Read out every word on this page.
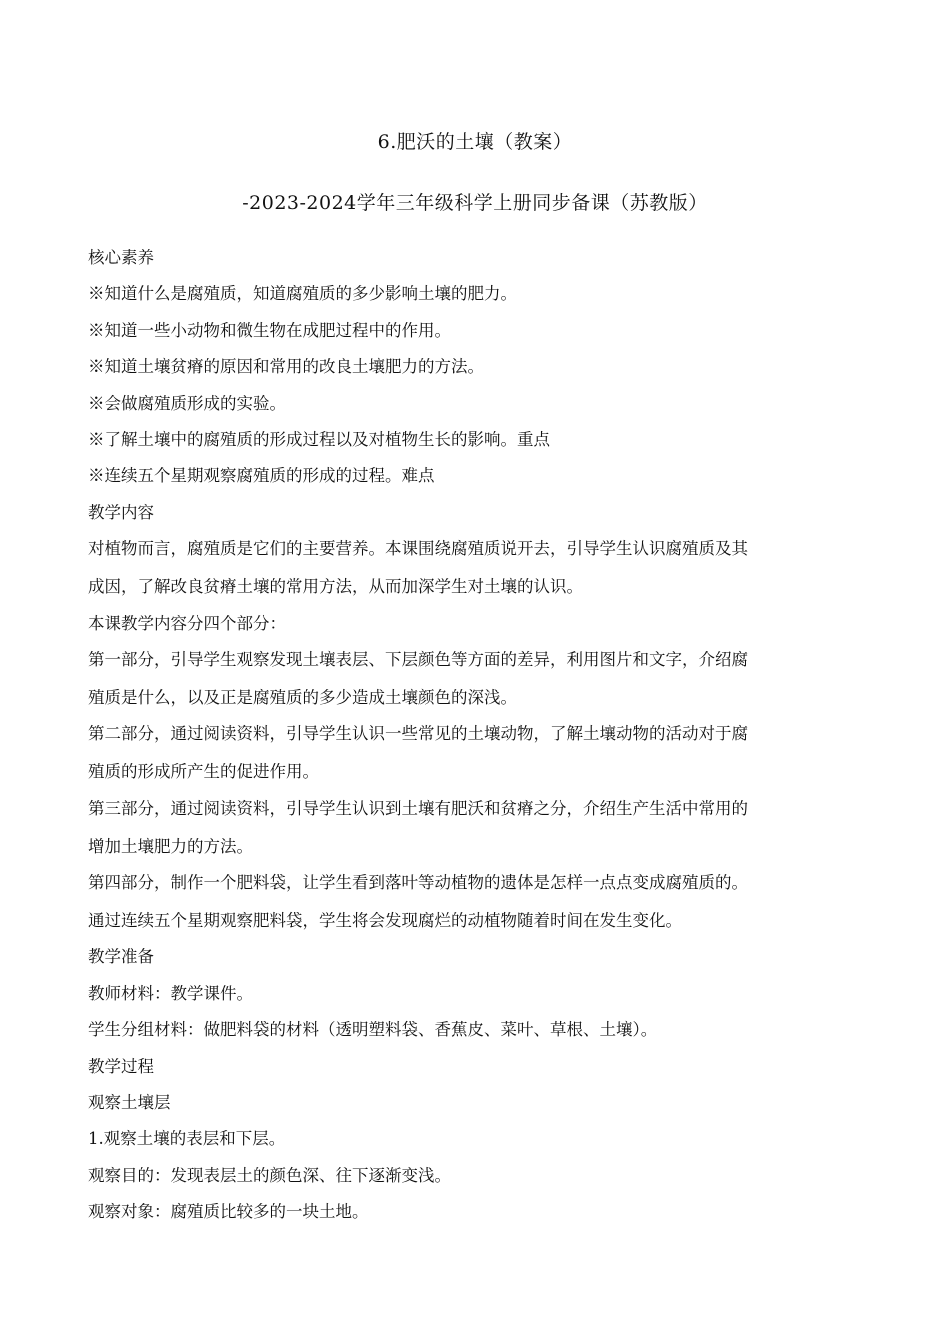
6.肥沃的土壤（教案）
-2023-2024学年三年级科学上册同步备课（苏教版）
核心素养
※知道什么是腐殖质，知道腐殖质的多少影响土壤的肥力。
※知道一些小动物和微生物在成肥过程中的作用。
※知道土壤贫瘠的原因和常用的改良土壤肥力的方法。
※会做腐殖质形成的实验。
※了解土壤中的腐殖质的形成过程以及对植物生长的影响。重点
※连续五个星期观察腐殖质的形成的过程。难点
教学内容
对植物而言，腐殖质是它们的主要营养。本课围绕腐殖质说开去，引导学生认识腐殖质及其
成因，了解改良贫瘠土壤的常用方法，从而加深学生对土壤的认识。
本课教学内容分四个部分：
第一部分，引导学生观察发现土壤表层、下层颜色等方面的差异，利用图片和文字，介绍腐
殖质是什么，以及正是腐殖质的多少造成土壤颜色的深浅。
第二部分，通过阅读资料，引导学生认识一些常见的土壤动物，了解土壤动物的活动对于腐
殖质的形成所产生的促进作用。
第三部分，通过阅读资料，引导学生认识到土壤有肥沃和贫瘠之分，介绍生产生活中常用的
增加土壤肥力的方法。
第四部分，制作一个肥料袋，让学生看到落叶等动植物的遗体是怎样一点点变成腐殖质的。
通过连续五个星期观察肥料袋，学生将会发现腐烂的动植物随着时间在发生变化。
教学准备
教师材料：教学课件。
学生分组材料：做肥料袋的材料（透明塑料袋、香蕉皮、菜叶、草根、土壤）。
教学过程
观察土壤层
1.观察土壤的表层和下层。
观察目的：发现表层土的颜色深、往下逐渐变浅。
观察对象：腐殖质比较多的一块土地。
